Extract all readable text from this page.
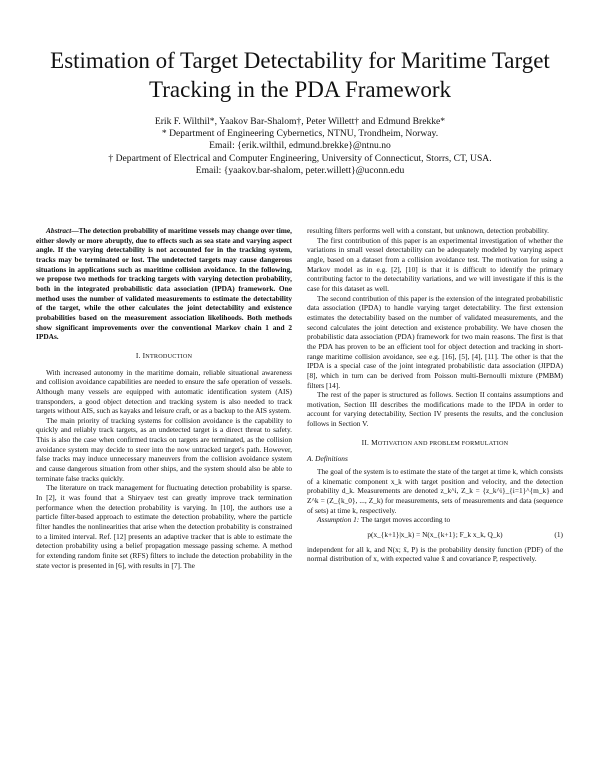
Estimation of Target Detectability for Maritime Target Tracking in the PDA Framework
Erik F. Wilthil*, Yaakov Bar-Shalom†, Peter Willett† and Edmund Brekke*
* Department of Engineering Cybernetics, NTNU, Trondheim, Norway.
Email: {erik.wilthil, edmund.brekke}@ntnu.no
† Department of Electrical and Computer Engineering, University of Connecticut, Storrs, CT, USA.
Email: {yaakov.bar-shalom, peter.willett}@uconn.edu

Abstract—The detection probability of maritime vessels may change over time, either slowly or more abruptly, due to effects such as sea state and varying aspect angle. If the varying detectability is not accounted for in the tracking system, tracks may be terminated or lost. The undetected targets may cause dangerous situations in applications such as maritime collision avoidance. In the following, we propose two methods for tracking targets with varying detection probability, both in the integrated probabilistic data association (IPDA) framework. One method uses the number of validated measurements to estimate the detectability of the target, while the other calculates the joint detectability and existence probabilities based on the measurement association likelihoods. Both methods show significant improvements over the conventional Markov chain 1 and 2 IPDAs.

I. INTRODUCTION

With increased autonomy in the maritime domain, reliable situational awareness and collision avoidance capabilities are needed to ensure the safe operation of vessels. Although many vessels are equipped with automatic identification system (AIS) transponders, a good object detection and tracking system is also needed to track targets without AIS, such as kayaks and leisure craft, or as a backup to the AIS system.

The main priority of tracking systems for collision avoidance is the capability to quickly and reliably track targets, as an undetected target is a direct threat to safety. This is also the case when confirmed tracks on targets are terminated, as the collision avoidance system may decide to steer into the now untracked target's path. However, false tracks may induce unnecessary maneuvers from the collision avoidance system and cause dangerous situation from other ships, and the system should also be able to terminate false tracks quickly.

The literature on track management for fluctuating detection probability is sparse. In [2], it was found that a Shiryaev test can greatly improve track termination performance when the detection probability is varying. In [10], the authors use a particle filter-based approach to estimate the detection probability, where the particle filter handles the nonlinearities that arise when the detection probability is constrained to a limited interval. Ref. [12] presents an adaptive tracker that is able to estimate the detection probability using a belief propagation message passing scheme. A method for extending random finite set (RFS) filters to include the detection probability in the state vector is presented in [6], with results in [7]. The

resulting filters performs well with a constant, but unknown, detection probability.

The first contribution of this paper is an experimental investigation of whether the variations in small vessel detectability can be adequately modeled by varying aspect angle, based on a dataset from a collision avoidance test. The motivation for using a Markov model as in e.g. [2], [10] is that it is difficult to identify the primary contributing factor to the detectability variations, and we will investigate if this is the case for this dataset as well.

The second contribution of this paper is the extension of the integrated probabilistic data association (IPDA) to handle varying target detectability. The first extension estimates the detectability based on the number of validated measurements, and the second calculates the joint detection and existence probability. We have chosen the probabilistic data association (PDA) framework for two main reasons. The first is that the PDA has proven to be an efficient tool for object detection and tracking in short-range maritime collision avoidance, see e.g. [16], [5], [4], [11]. The other is that the IPDA is a special case of the joint integrated probabilistic data association (JIPDA) [8], which in turn can be derived from Poisson multi-Bernoulli mixture (PMBM) filters [14].

The rest of the paper is structured as follows. Section II contains assumptions and motivation, Section III describes the modifications made to the IPDA in order to account for varying detectability, Section IV presents the results, and the conclusion follows in Section V.

II. MOTIVATION AND PROBLEM FORMULATION
A. Definitions

The goal of the system is to estimate the state of the target at time k, which consists of a kinematic component x_k with target position and velocity, and the detection probability d_k. Measurements are denoted z_k^i, Z_k = {z_k^i}_{i=1}^{m_k} and Z^k = (Z_{k_0}, ..., Z_k) for measurements, sets of measurements and data (sequence of sets) at time k, respectively.

Assumption 1: The target moves according to

p(x_{k+1}|x_k) = N(x_{k+1}; F_k x_k, Q_k)	(1)

independent for all k, and N(x; x̂, P) is the probability density function (PDF) of the normal distribution of x, with expected value x̂ and covariance P, respectively.
